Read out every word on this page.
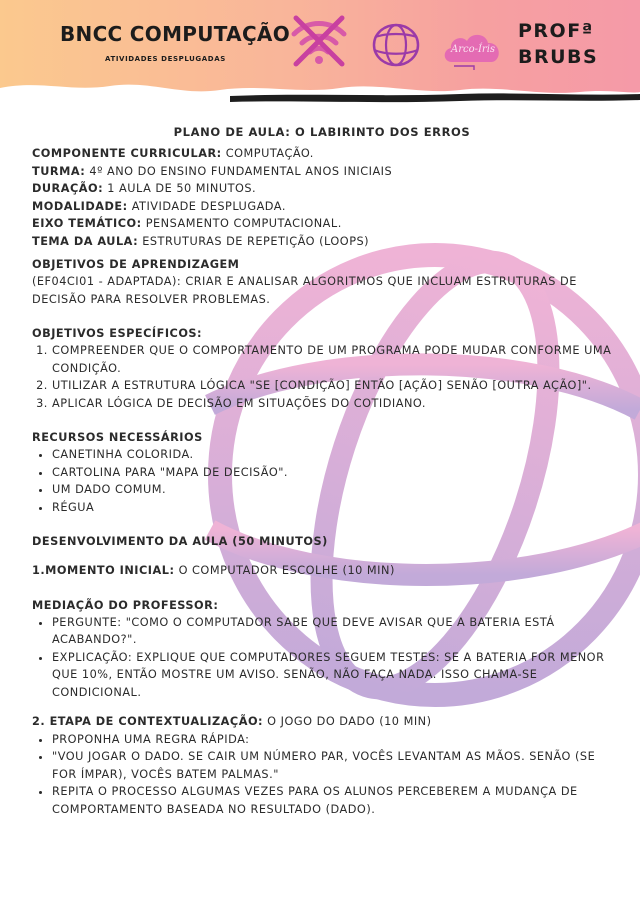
BNCC COMPUTAÇÃO
ATIVIDADES DESPLUGADAS
Arco-Íris
PROFª
BRUBS
PLANO DE AULA: O LABIRINTO DOS ERROS
COMPONENTE CURRICULAR: COMPUTAÇÃO.
TURMA: 4º ANO DO ENSINO FUNDAMENTAL ANOS INICIAIS
DURAÇÃO: 1 AULA DE 50 MINUTOS.
MODALIDADE: ATIVIDADE DESPLUGADA.
EIXO TEMÁTICO: PENSAMENTO COMPUTACIONAL.
TEMA DA AULA: ESTRUTURAS DE REPETIÇÃO (LOOPS)
OBJETIVOS DE APRENDIZAGEM
(EF04CI01 - ADAPTADA): CRIAR E ANALISAR ALGORITMOS QUE INCLUAM ESTRUTURAS DE DECISÃO PARA RESOLVER PROBLEMAS.
OBJETIVOS ESPECÍFICOS:
1. COMPREENDER QUE O COMPORTAMENTO DE UM PROGRAMA PODE MUDAR CONFORME UMA CONDIÇÃO.
2. UTILIZAR A ESTRUTURA LÓGICA "SE [CONDIÇÃO] ENTÃO [AÇÃO] SENÃO [OUTRA AÇÃO]".
3. APLICAR LÓGICA DE DECISÃO EM SITUAÇÕES DO COTIDIANO.
RECURSOS NECESSÁRIOS
• CANETINHA COLORIDA.
• CARTOLINA PARA "MAPA DE DECISÃO".
• UM DADO COMUM.
• RÉGUA
DESENVOLVIMENTO DA AULA (50 MINUTOS)
1.MOMENTO INICIAL: O COMPUTADOR ESCOLHE (10 MIN)
MEDIAÇÃO DO PROFESSOR:
• PERGUNTE: "COMO O COMPUTADOR SABE QUE DEVE AVISAR QUE A BATERIA ESTÁ ACABANDO?".
• EXPLICAÇÃO: EXPLIQUE QUE COMPUTADORES SEGUEM TESTES: SE A BATERIA FOR MENOR QUE 10%, ENTÃO MOSTRE UM AVISO. SENÃO, NÃO FAÇA NADA. ISSO CHAMA-SE CONDICIONAL.
2. ETAPA DE CONTEXTUALIZAÇÃO: O JOGO DO DADO (10 MIN)
• PROPONHA UMA REGRA RÁPIDA:
• "VOU JOGAR O DADO. SE CAIR UM NÚMERO PAR, VOCÊS LEVANTAM AS MÃOS. SENÃO (SE FOR ÍMPAR), VOCÊS BATEM PALMAS."
• REPITA O PROCESSO ALGUMAS VEZES PARA OS ALUNOS PERCEBEREM A MUDANÇA DE COMPORTAMENTO BASEADA NO RESULTADO (DADO).
